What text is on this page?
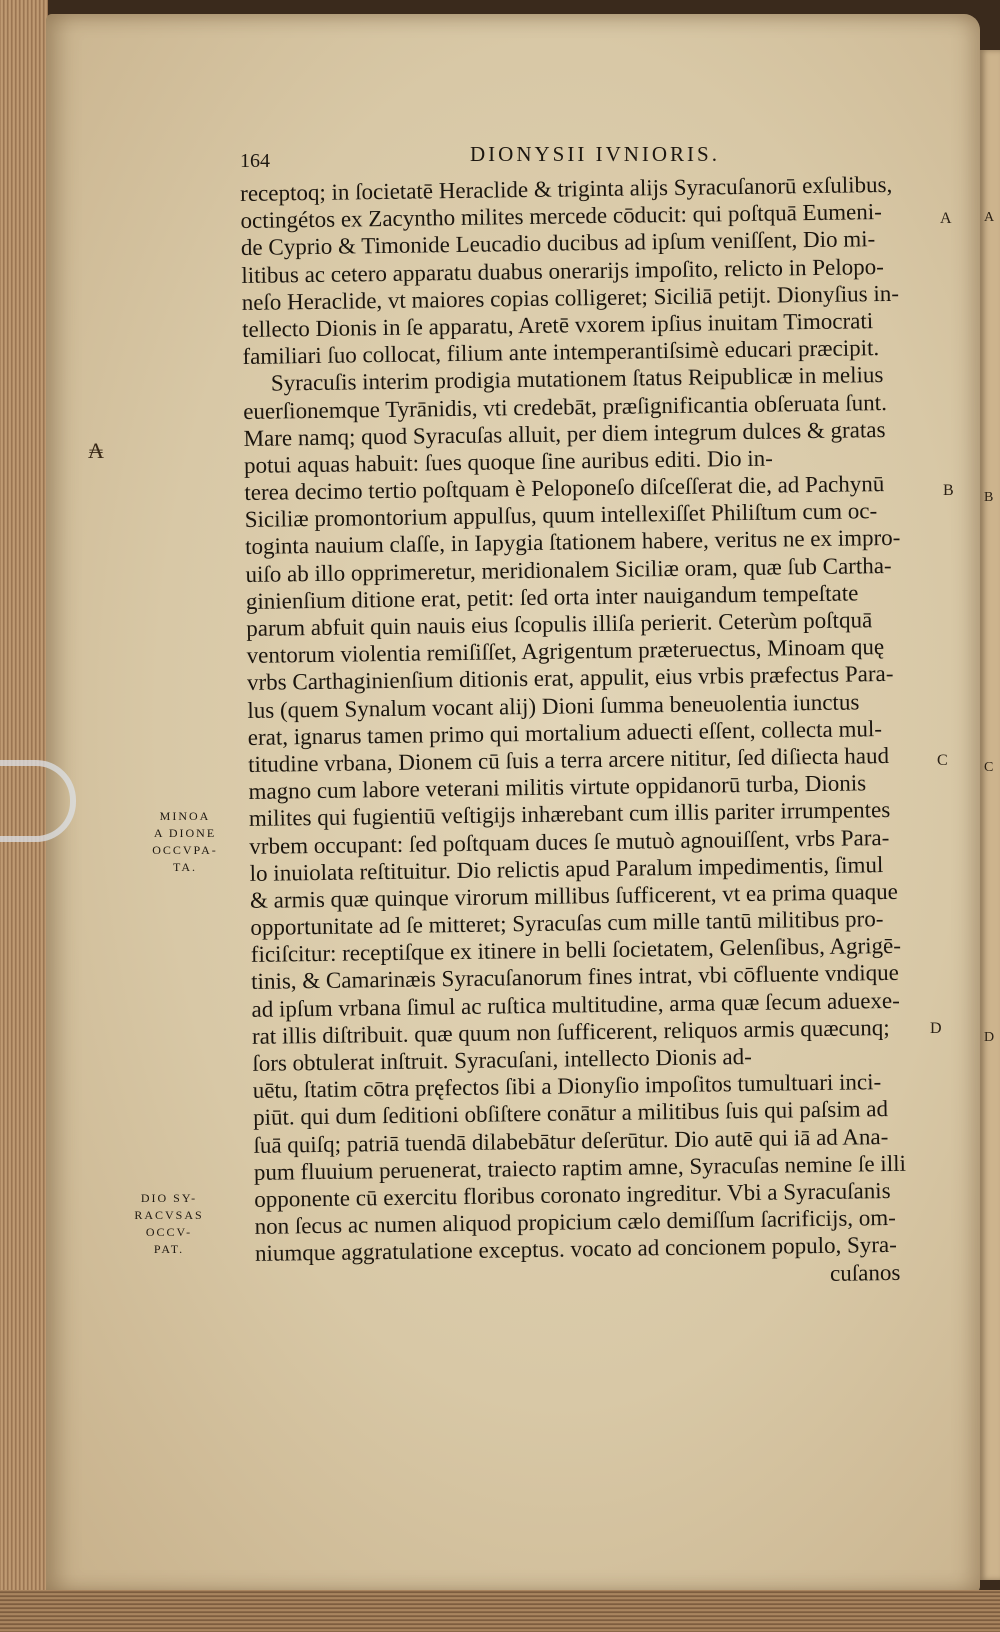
A
B
C
D
₳
164	DIONYSII IVNIORIS.
receptoq; in ſocietatē Heraclide & triginta alijs Syracuſanorū exſulibus,
octingétos ex Zacyntho milites mercede cōducit: qui poſtquā Eumeni-
de Cyprio & Timonide Leucadio ducibus ad ipſum veniſſent, Dio mi-
litibus ac cetero apparatu duabus onerarijs impoſito, relicto in Pelopo-
neſo Heraclide, vt maiores copias colligeret; Siciliā petijt. Dionyſius in-
tellecto Dionis in ſe apparatu, Aretē vxorem ipſius inuitam Timocrati
familiari ſuo collocat, filium ante intemperantiſsimè educari præcipit.
Syracuſis interim prodigia mutationem ſtatus Reipublicæ in melius
euerſionemque Tyrānidis, vti credebāt, præſignificantia obſeruata ſunt.
Mare namq; quod Syracuſas alluit, per diem integrum dulces & gratas
potui aquas habuit: ſues quoque ſine auribus editi. Dio in-
terea decimo tertio poſtquam è Peloponeſo diſceſſerat die, ad Pachynū
Siciliæ promontorium appulſus, quum intellexiſſet Philiſtum cum oc-
toginta nauium claſſe, in Iapygia ſtationem habere, veritus ne ex impro-
uiſo ab illo opprimeretur, meridionalem Siciliæ oram, quæ ſub Cartha-
ginienſium ditione erat, petit: ſed orta inter nauigandum tempeſtate
parum abfuit quin nauis eius ſcopulis illiſa perierit. Ceterùm poſtquā
ventorum violentia remiſiſſet, Agrigentum præteruectus, Minoam quę
vrbs Carthaginienſium ditionis erat, appulit, eius vrbis præfectus Para-
lus (quem Synalum vocant alij) Dioni ſumma beneuolentia iunctus
erat, ignarus tamen primo qui mortalium aduecti eſſent, collecta mul-
titudine vrbana, Dionem cū ſuis a terra arcere nititur, ſed diſiecta haud
magno cum labore veterani militis virtute oppidanorū turba, Dionis
milites qui fugientiū veſtigijs inhærebant cum illis pariter irrumpentes
vrbem occupant: ſed poſtquam duces ſe mutuò agnouiſſent, vrbs Para-
lo inuiolata reſtituitur. Dio relictis apud Paralum impedimentis, ſimul
& armis quæ quinque virorum millibus ſufficerent, vt ea prima quaque
opportunitate ad ſe mitteret; Syracuſas cum mille tantū militibus pro-
ficiſcitur: receptiſque ex itinere in belli ſocietatem, Gelenſibus, Agrigē-
tinis, & Camarinæis Syracuſanorum fines intrat, vbi cōfluente vndique
ad ipſum vrbana ſimul ac ruſtica multitudine, arma quæ ſecum aduexe-
rat illis diſtribuit. quæ quum non ſufficerent, reliquos armis quæcunq;
ſors obtulerat inſtruit. Syracuſani, intellecto Dionis ad-
uētu, ſtatim cōtra pręfectos ſibi a Dionyſio impoſitos tumultuari inci-
piūt. qui dum ſeditioni obſiſtere conātur a militibus ſuis qui paſsim ad
ſuā quiſq; patriā tuendā dilabebātur deſerūtur. Dio autē qui iā ad Ana-
pum fluuium peruenerat, traiecto raptim amne, Syracuſas nemine ſe illi
opponente cū exercitu floribus coronato ingreditur. Vbi a Syracuſanis
non ſecus ac numen aliquod propicium cælo demiſſum ſacrificijs, om-
niumque aggratulatione exceptus. vocato ad concionem populo, Syra-
cuſanos
A
B
C
D
MINOA
A DIONE
OCCVPA-
TA.
DIO SY-
RACVSAS
OCCV-
PAT.
